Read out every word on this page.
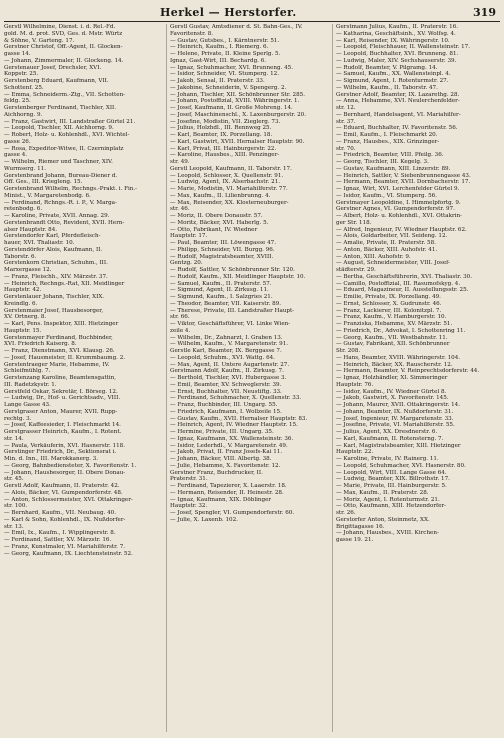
Herkel — Herstorfer.	319
Gerstl Wilhelmine, Dienst. i. d. Rel.-Fd.
gold. M. d. prot. SVD, Ges. d. Mstr. Würtz
& Söhne, V. Garteng. 17.
Gerstner Christof, Off.-Agent, II. Glocken-
gasse 14.
— Johann, Zimmermaler, II. Glockeng. 14.
Gerstenauer Josef, Drechsler, XVI.
Koppstr. 25.
Gerstenberg Eduard, Kaufmann, VII.
Schottenf. 25.
— Emma, Schneiderm.-Ztg., VII. Schotten-
feldg. 25.
Gerstenberger Ferdinand, Tischler, XII.
Aichhorng. 9.
— Franz, Gastwirt, III. Landstraßer Gürtel 21.
— Leopold, Tischler, XII. Aichhorng. 9.
— Robert, Holz- u. Kohlenhdl., XVI. Wichtel-
gasse 26.
— Rosa, Expeditor-Witwe, II. Czerninplatz
gasse 4.
— Wilhelm, Riemer und Taschner, XIV.
Wurmserg. 11.
Gerstenbrand Johann, Bureau-Diener d.
Öff. Ges., III. Kriegleng. 15.
Gerstenbrand Wilhelm, Rechngs.-Prakt. i. Fin.-
Minist., V. Margaretenbodg. 6.
— Ferdinand, Rchngs.-R. i. P., V. Marga-
retenbodg. 6.
— Karoline, Private, XVII. Annag. 29.
Gerstenbrandt Otto, Revident, XVII. Hern-
alser Hauptstr. 84.
Gerstendorfer Karl, Pferdefleisch-
hauer, XVI. Thaliastr. 10.
Gerstendörfer Alois, Kaufmann, II.
Taborstr. 6.
Gerstenkorn Christian, Schuhm., III.
Marxergasse 12.
— Franz, Fleischh., XIV. Märzstr. 37.
— Heinrich, Rechngs.-Rat, XII. Meidlinger
Hauptstr. 42.
Gerstenlauer Johann, Tischler, XIX.
Kreindlg. 6.
Gerstenmaier Josef, Hausbesorger,
XV. Ortnerg. 8.
— Karl, Pens. Inspektor, XIII. Hietzinger
Hauptstr. 15.
Gerstenmayer Ferdinand, Buchbinder,
XVI. Friedrich Kaiserg. 8.
— Franz, Dienstmann, XVI. Klausg. 26.
— Josef, Hausmeister, II. Krummbaumg. 2.
Gerstentraeger Marie, Hebamme, IV.
Schleifmühlg. 7.
Gerstenzang Karoline, Beamtensgattin,
III. Radetzkystr. 1.
Gerstfeld Oskar, Sekretär, I. Börseg. 12.
— Ludwig, Dr., Hof- u. Gerichtsadv., VIII.
Lange Gasse 43.
Gerstgraser Anton, Maurer, XVII. Rupp-
rechtg. 3.
— Josef, Kaffeesieder, I. Fleischmarkt 14.
Gerstgrasser Heinrich, Kaufm., I. Rotent.
str. 14.
— Paula, Verkäuferin, XVI. Hasnerstr. 118.
Gerstinger Friedrich, Dr., Sektionsrat i.
Min. d. Inn., III. Marokkanerg. 3.
— Georg, Bahnbediensteter, X. Favoritenstr. 1.
— Johann, Hausbesorger, II. Obere Donau-
str. 45.
Gerstl Adolf, Kaufmann, II. Praterstr. 42.
— Alois, Bäcker, VI. Gumpendorferstr. 48.
— Anton, Schlossermeister, XVI. Ottakringer-
str. 100.
— Bernhard, Kaufm., VII. Neubaug. 40.
— Karl & Sohn, Kohlenhdl., IX. Nußdorfer-
str. 13.
— Emil, Ix., Kaufm., I. Wipplingerstr. 8.
— Ferdinand, Sattler, XV. Märzstr. 16.
— Franz, Kunstmaler, VI. Mariahilferstr. 7.
— Georg, Kaufmann, IX. Liechtensteinstr. 52.
Gerstl Gustav, Amtsdiener d. St. Bahn-Ges., IV.
Favoritenstr. 8.
— Gustav, Gutsbes., I. Kärntnerstr. 51.
— Heinrich, Kaufm., I. Riemerg. 6.
— Helene, Private, II. Kleine Sperlg. 5.
Ignaz, Gast-Wirt, III. Bechardg. 6.
— Ignaz, Schuhmacher, XVI. Brunneng. 45.
— Isidor, Schneider, VI. Stumperg. 12.
— Jakob, Sensal, II. Praterstr. 33.
— Jakobine, Schneiderin, V. Spengerg. 2.
— Johann, Tischler, XII. Schönbrunner Str. 285.
— Johann, Postoffizial, XVIII. Währingerstr. 1.
— Josef, Kaufmann, II. Große Mohreng. 14.
— Josef, Maschinenschl., X. Laxenburgerstr. 20.
— Josefine, Modistin, VII. Zieglerg. 73.
— Julius, Holzhdl., III. Rennweg 25.
— Karl, Beamter, IX. Porzellang. 18.
— Karl, Gastwirt, XVII. Hernalser Hauptstr. 90.
— Karl, Privat, III. Hainburgerstr. 22.
— Karoline, Hausbes., XIII. Penzinger-
str. 49.
Gerstl Leopold, Kaufmann, II. Taborstr. 17.
— Leopold, Schlosser, X. Quellenstr. 91.
— Ludwig, Agent, IX. Alserbachstr. 21.
— Marie, Modistin, VI. Mariahilferstr. 77.
— Max, Kaufm., II. Lilienbrunng. 4.
— Max, Reisender, XX. Klosterneuburger-
str. 46.
— Moriz, II. Obere Donaustr. 57.
— Moritz, Bäcker, XVI. Haberlg. 5.
— Otto, Fabrikant, IV. Wiedner
Hauptstr. 17.
— Paul, Beamter, III. Löwengasse 47.
— Philipp, Schneider, VII. Burgg. 96.
— Rudolf, Magistratsbeamter, XVIII.
Gentzg. 20.
— Rudolf, Sattler, V. Schönbrunner Str. 120.
— Rudolf, Kaufm., XII. Meidlinger Hauptstr. 10.
— Samuel, Kaufm., II. Praterstr. 57.
— Sigmund, Agent, II. Zirkusg. 11.
— Sigmund, Kaufm., I. Salzgries 21.
— Theodor, Beamter, VII. Kaiserstr. 89.
— Therese, Private, III. Landstraßer Haupt-
str. 66.
— Viktor, Geschäftsführer, VI. Linke Wien-
zeile 4.
— Wilhelm, Dr., Zahnarzt, I. Graben 13.
— Wilhelm, Kaufm., V. Margaretenstr. 91.
Gerstle Karl, Beamter, IX. Berggasse 7.
— Leopold, Schuhm., XVI. Wattg. 64.
— Max, Agent, II. Untere Augartenstr. 27.
Gerstmann Adolf, Kaufm., II. Zirkusg. 7.
— Berthold, Tischler, XVI. Hubergasse 3.
— Emil, Beamter, XV. Schweglerstr. 39.
— Ernst, Buchhalter, VII. Neustiftg. 33.
— Ferdinand, Schuhmacher, X. Quellenstr. 33.
— Franz, Buchbinder, III. Ungarg. 55.
— Friedrich, Kaufmann, I. Wollzeile 15.
— Gustav, Kaufm., XVII. Hernalser Hauptstr. 83.
— Heinrich, Agent, IV. Wiedner Hauptstr. 15.
— Hermine, Private, III. Ungarg. 35.
— Ignaz, Kaufmann, XX. Wallensteinstr. 36.
— Isidor, Lederhdl., V. Margaretenstr. 49.
— Jakob, Privat, II. Franz Josefs-Kai 11.
— Johann, Bäcker, VIII. Albertg. 38.
— Julie, Hebamme, X. Favoritenstr. 12.
Gerstner Franz, Buchdrucker, II.
Praterstr. 31.
— Ferdinand, Tapezierer, X. Laaerstr. 18.
— Hermann, Reisender, II. Heinestr. 28.
— Ignaz, Kaufmann, XIX. Döblinger
Hauptstr. 32.
— Josef, Spengler, VI. Gumpendorferstr. 60.
— Julie, X. Laxenb. 102.
Gerstmann Julius, Kaufm., II. Praterstr. 16.
— Katharina, Geschäftsinh., XV. Wolfsg. 4.
— Karl, Reisender, IX. Währingerstr. 10.
— Leopold, Fleischhauer, II. Wallensteinstr. 17.
— Leopold, Buchhalter, XVI. Brunneng. 81.
— Ludwig, Maler, XIV. Sechshauserstr. 39.
— Rudolf, Beamter, V. Pilgramg. 14.
— Samuel, Kaufm., XX. Wallensteinpl. 4.
— Sigmund, Agent, I. Rotenturmstr. 27.
— Wilhelm, Kaufm., II. Taborstr. 47.
Gerstner Adolf, Beamter, IX. Lazarethg. 28.
— Anna, Hebamme, XVI. Neulerchenfelder-
str. 12.
— Bernhard, Handelsagent, VI. Mariahilfer-
str. 37.
— Eduard, Buchhalter, IV. Favoritenstr. 56.
— Emil, Kaufm., I. Fleischmarkt 20.
— Franz, Hausbes., XIX. Grinzinger-
str. 70.
— Friedrich, Beamter, VIII. Pfeilg. 36.
— Georg, Tischler, III. Kegelg. 3.
— Gustav, Kaufmann, XIII. Linzerstr. 89.
— Heinrich, Sattler, V. Siebenbrunnengasse 43.
— Hermann, Beamter, XVII. Dornbacherstr. 17.
— Ignaz, Wirt, XVI. Lerchenfelder Gürtel 9.
— Isidor, Kaufm., VI. Stumperg. 56.
Gerstmayer Leopoldine, I. Himmelpfortg. 9.
Gerstner Agnes, VI. Gumpendorferstr. 97.
— Albert, Holz- u. Kohlenhdl., XVI. Ottakrin-
ger Str. 118.
— Alfred, Ingenieur, IV. Wiedner Hauptstr. 62.
— Alois, Goldarbeiter, VII. Seideng. 12.
— Amalie, Private, II. Praterstr. 58.
— Anton, Bäcker, XIII. Auhofstr. 41.
— Anton, XIII. Auhofstr. 9.
— August, Schneidermeister, VIII. Josef-
städterstr. 29.
— Bertha, Geschäftsführerin, XVI. Thaliastr. 30.
— Camillo, Postoffizial, III. Rasumofskyg. 4.
— Eduard, Magazineur, II. Ausstellungsstr. 25.
— Emilie, Private, IX. Porzellang. 49.
— Ernst, Schlosser, X. Gudrunstr. 46.
— Franz, Lackierer, III. Kolonitzpl. 7.
— Franz, Kaufm., V. Hamburgerstr. 10.
— Franziska, Hebamme, XV. Märzstr. 51.
— Friedrich, Dr., Advokat, I. Schottenring 11.
— Georg, Kaufm., VII. Westbahnstr. 11.
— Gustav, Fabrikant, XII. Schönbrunner
Str. 208.
— Hans, Beamter, XVIII. Währingerstr. 104.
— Heinrich, Bäcker, XX. Rauscherstr. 12.
— Hermann, Beamter, V. Reinprechtsdorferstr. 44.
— Ignaz, Holzhändler, XI. Simmeringer
Hauptstr. 76.
— Isidor, Kaufm., IV. Wiedner Gürtel 8.
— Jakob, Gastwirt, X. Favoritenstr. 145.
— Johann, Maurer, XVII. Ottakringerstr. 14.
— Johann, Beamter, IX. Nußdorferstr. 31.
— Josef, Ingenieur, IV. Margaretenstr. 33.
— Josefine, Private, VI. Mariahilferstr. 55.
— Julius, Agent, XX. Dresdnerstr. 6.
— Karl, Kaufmann, II. Rotensterng. 7.
— Karl, Magistratsbeamter, XIII. Hietzinger
Hauptstr. 22.
— Karoline, Private, IV. Rainerg. 11.
— Leopold, Schuhmacher, XVI. Hasnerstr. 80.
— Leopold, Wirt, VIII. Lange Gasse 64.
— Ludwig, Beamter, XIX. Billrothstr. 17.
— Marie, Private, III. Hainburgerstr. 5.
— Max, Kaufm., II. Praterstr. 28.
— Moriz, Agent, I. Rotenturmstr. 21.
— Otto, Kaufmann, XIII. Hetzendorfer-
str. 26.
Gerstorfer Anton, Steinmetz, XX.
Brigittagasse 16.
— Johann, Hausbes., XVIII. Kirchen-
gasse 19. 21.
